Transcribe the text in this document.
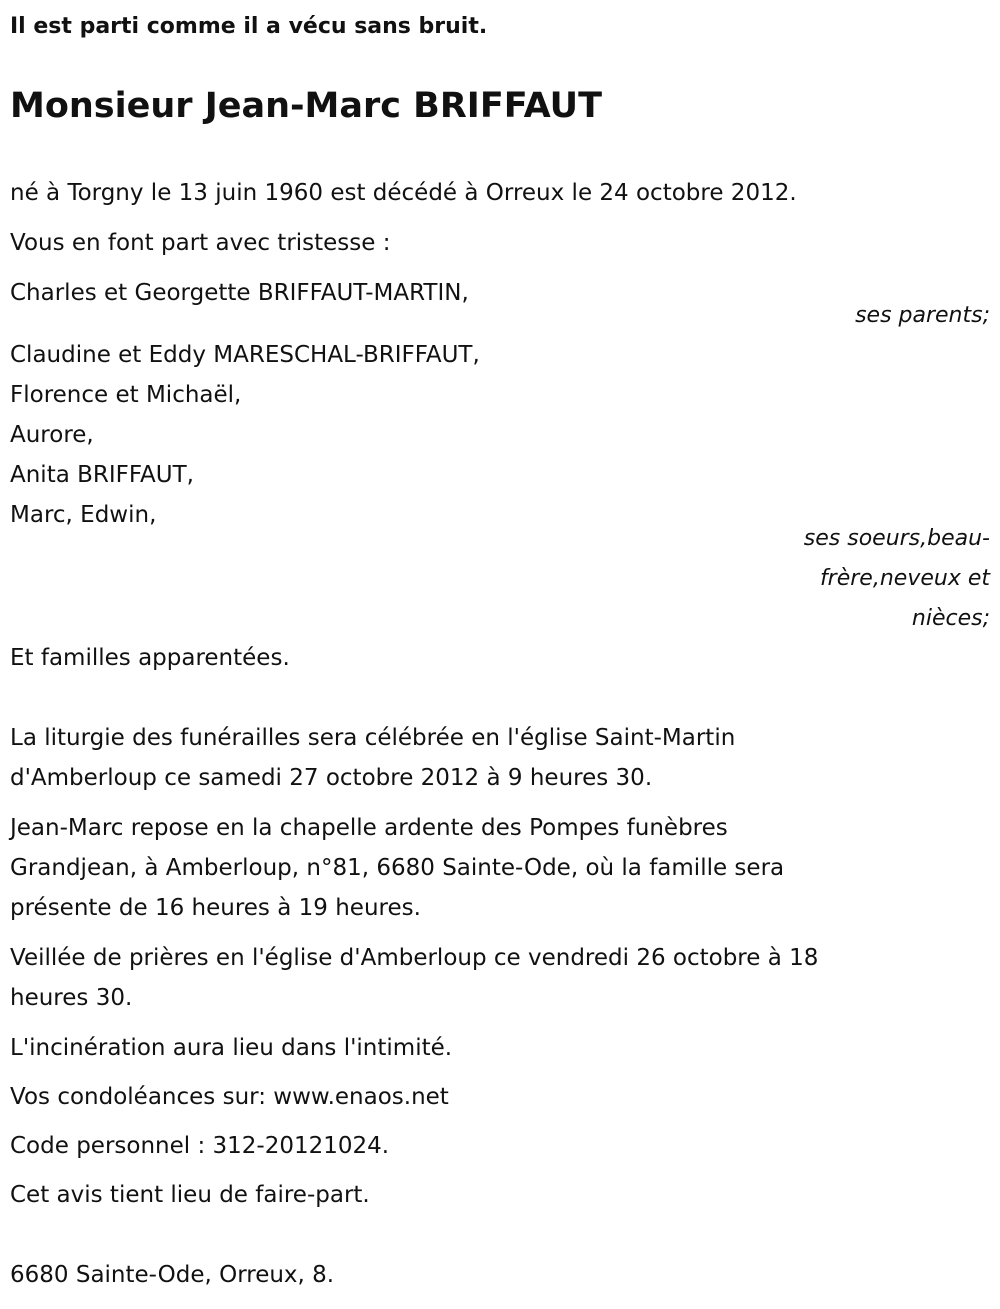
Il est parti comme il a vécu sans bruit.
Monsieur Jean-Marc BRIFFAUT
né à Torgny le 13 juin 1960 est décédé à Orreux le 24 octobre 2012.
Vous en font part avec tristesse :
Charles et Georgette BRIFFAUT-MARTIN,
ses parents;
Claudine et Eddy MARESCHAL-BRIFFAUT,
Florence et Michaël,
Aurore,
Anita BRIFFAUT,
Marc, Edwin,
ses soeurs,beau-
frère,neveux et
nièces;
Et familles apparentées.
La liturgie des funérailles sera célébrée en l'église Saint-Martin
d'Amberloup ce samedi 27 octobre 2012 à 9 heures 30.
Jean-Marc repose en la chapelle ardente des Pompes funèbres
Grandjean, à Amberloup, n°81, 6680 Sainte-Ode, où la famille sera
présente de 16 heures à 19 heures.
Veillée de prières en l'église d'Amberloup ce vendredi 26 octobre à 18
heures 30.
L'incinération aura lieu dans l'intimité.
Vos condoléances sur: www.enaos.net
Code personnel : 312-20121024.
Cet avis tient lieu de faire-part.
6680 Sainte-Ode, Orreux, 8.
